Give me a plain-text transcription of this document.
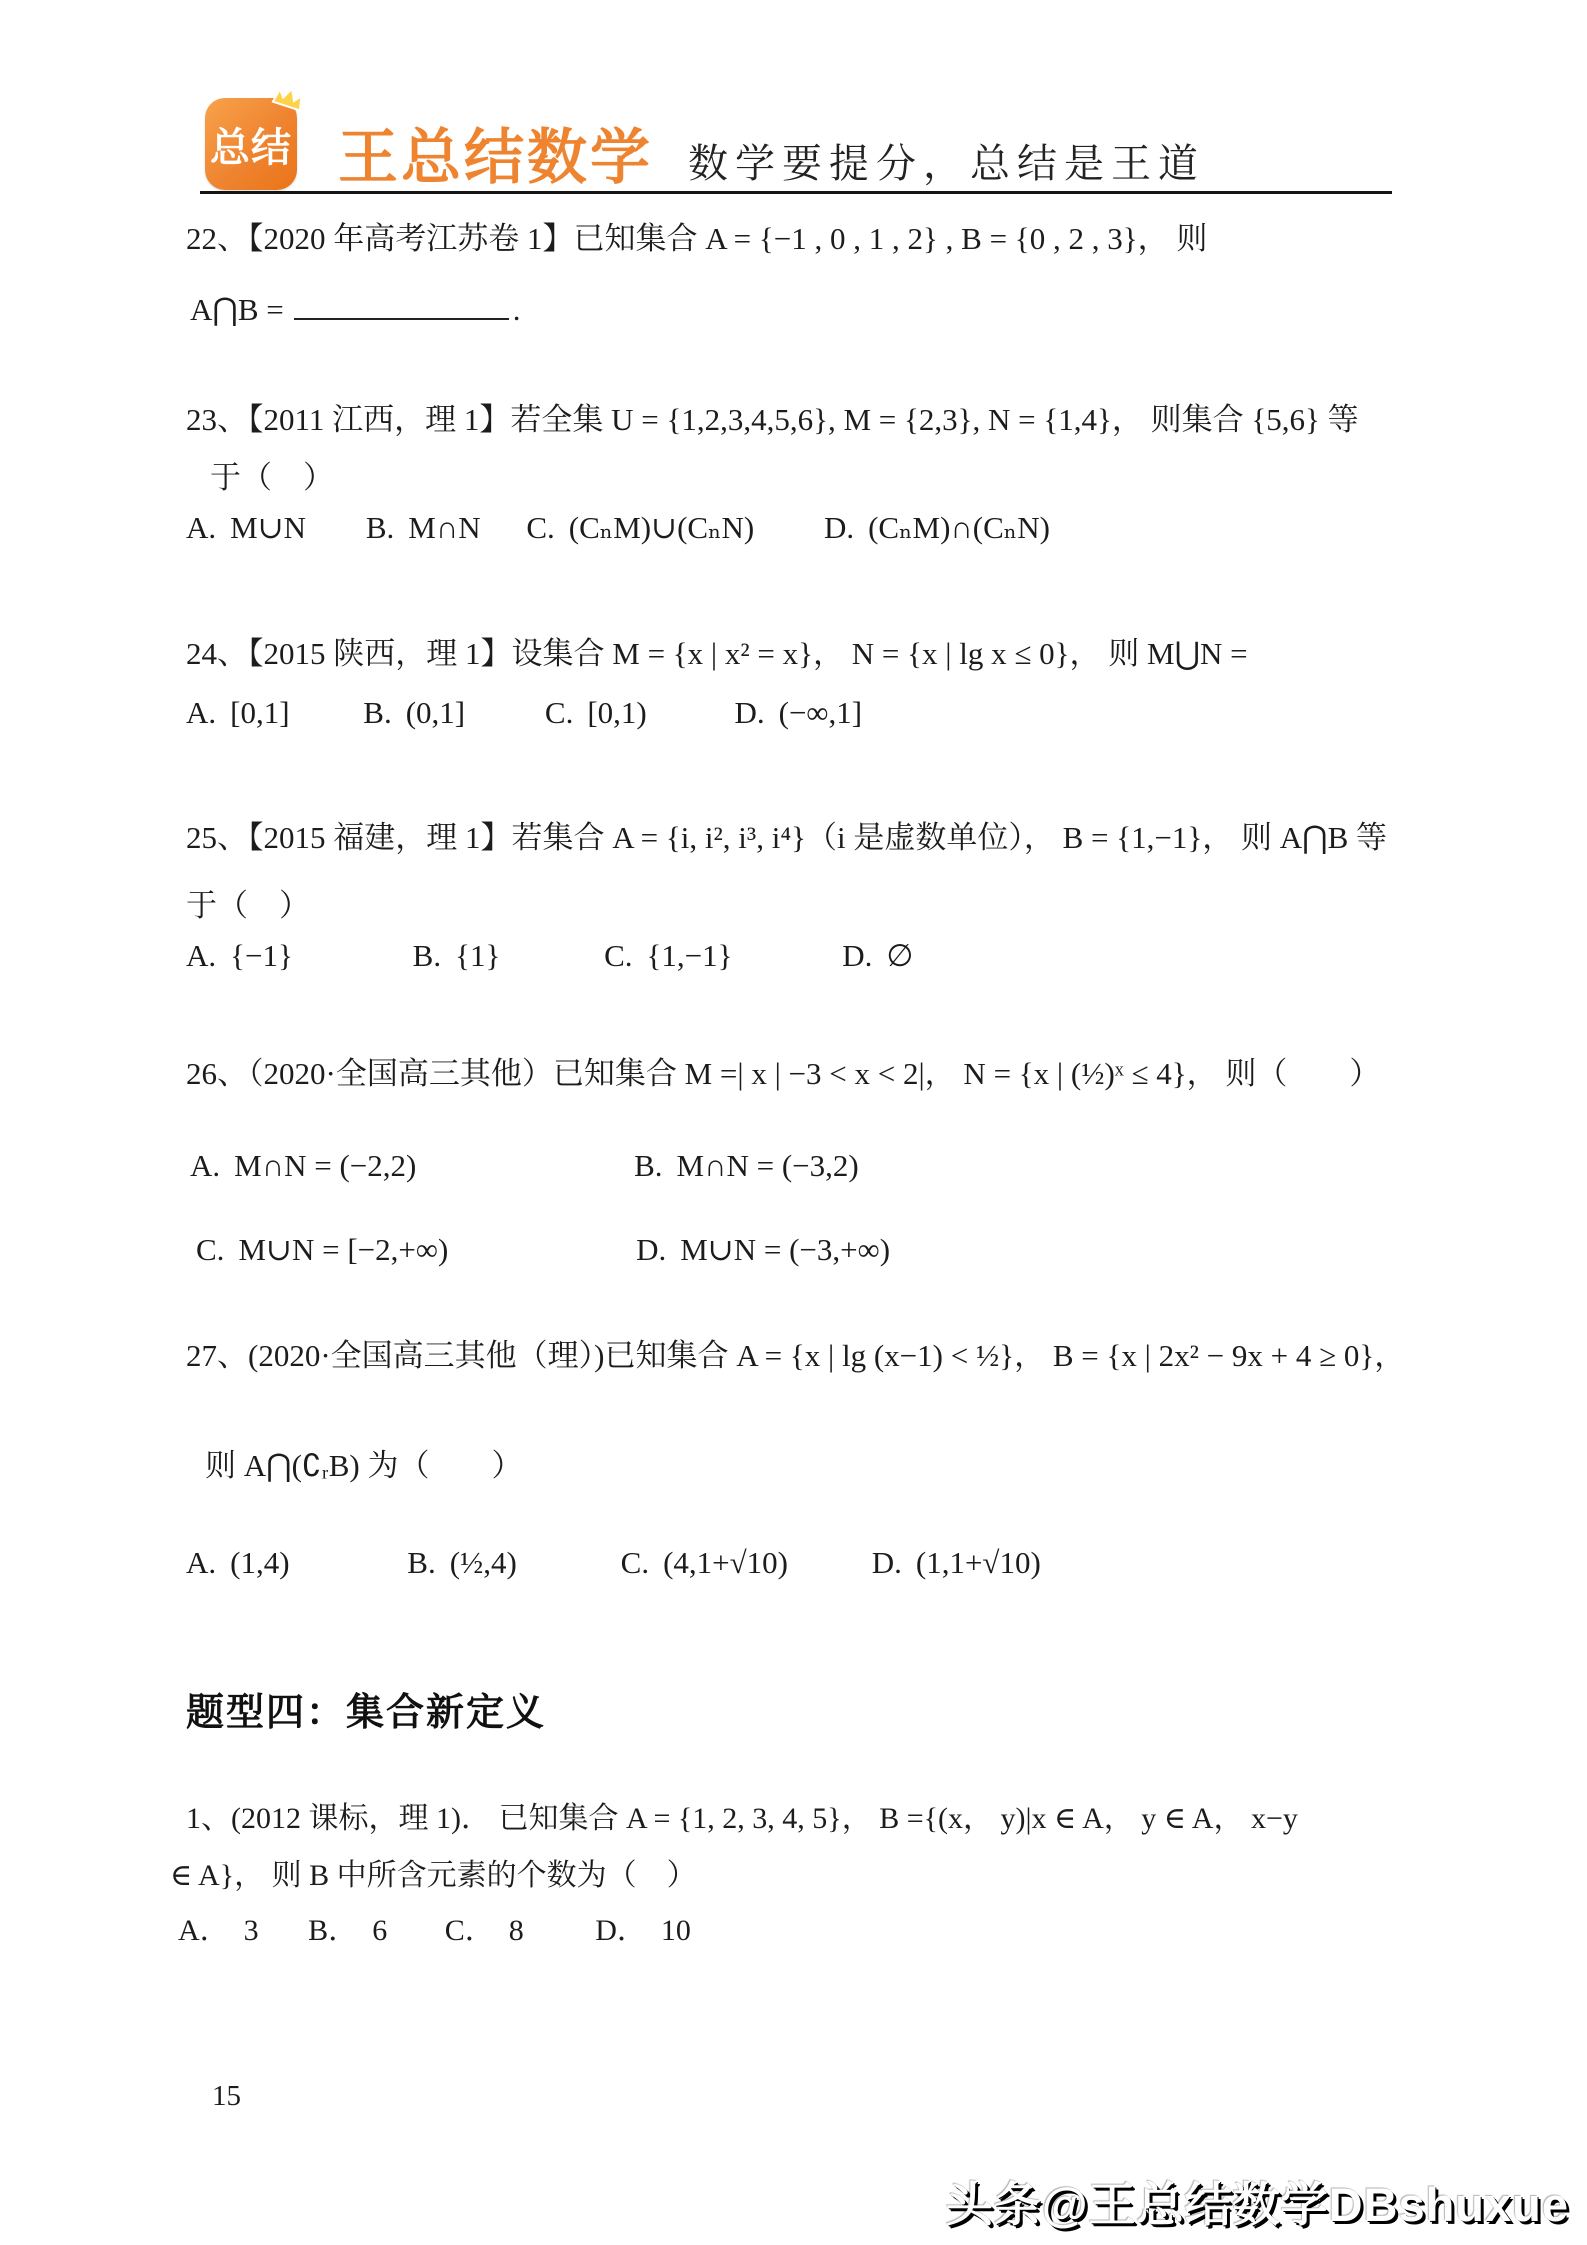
总结 王总结数学 数学要提分，总结是王道
22、【2020 年高考江苏卷 1】已知集合 A = {−1 , 0 , 1 , 2} , B = {0 , 2 , 3}， 则
A⋂B =	.
23、【2011 江西，理 1】若全集 U = {1,2,3,4,5,6}, M = {2,3}, N = {1,4}， 则集合 {5,6} 等
于（　）
A. M∪N B. M∩N C. (CₙM)∪(CₙN) D. (CₙM)∩(CₙN)
24、【2015 陕西，理 1】设集合 M = {x | x² = x}， N = {x | lg x ≤ 0}， 则 M⋃N =
A. [0,1] B. (0,1]	C. [0,1)	D. (−∞,1]
25、【2015 福建，理 1】若集合 A = {i, i², i³, i⁴}（i 是虚数单位）， B = {1,−1}， 则 A⋂B 等
于（　）
A. {−1}	B. {1}	C. {1,−1}	D. ∅
26、（2020·全国高三其他）已知集合 M =| x | −3 < x < 2|， N = {x | (½)ˣ ≤ 4}， 则（　　）
A. M∩N = (−2,2)	B. M∩N = (−3,2)
C. M∪N = [−2,+∞)	D. M∪N = (−3,+∞)
27、(2020·全国高三其他（理）)已知集合 A = {x | lg (x−1) < ½}， B = {x | 2x² − 9x + 4 ≥ 0}，
则 A⋂(∁ᵣB) 为（　　）
A. (1,4)	B. (½,4)	C. (4,1+√10)	D. (1,1+√10)
题型四：集合新定义
1、(2012 课标，理 1)． 已知集合 A = {1, 2, 3, 4, 5}， B ={(x， y)|x ∈ A， y ∈ A， x−y
∈ A}， 则 B 中所含元素的个数为（　）
A． 3 B． 6 C． 8 D． 10
15
头条@王总结数学DBshuxue
